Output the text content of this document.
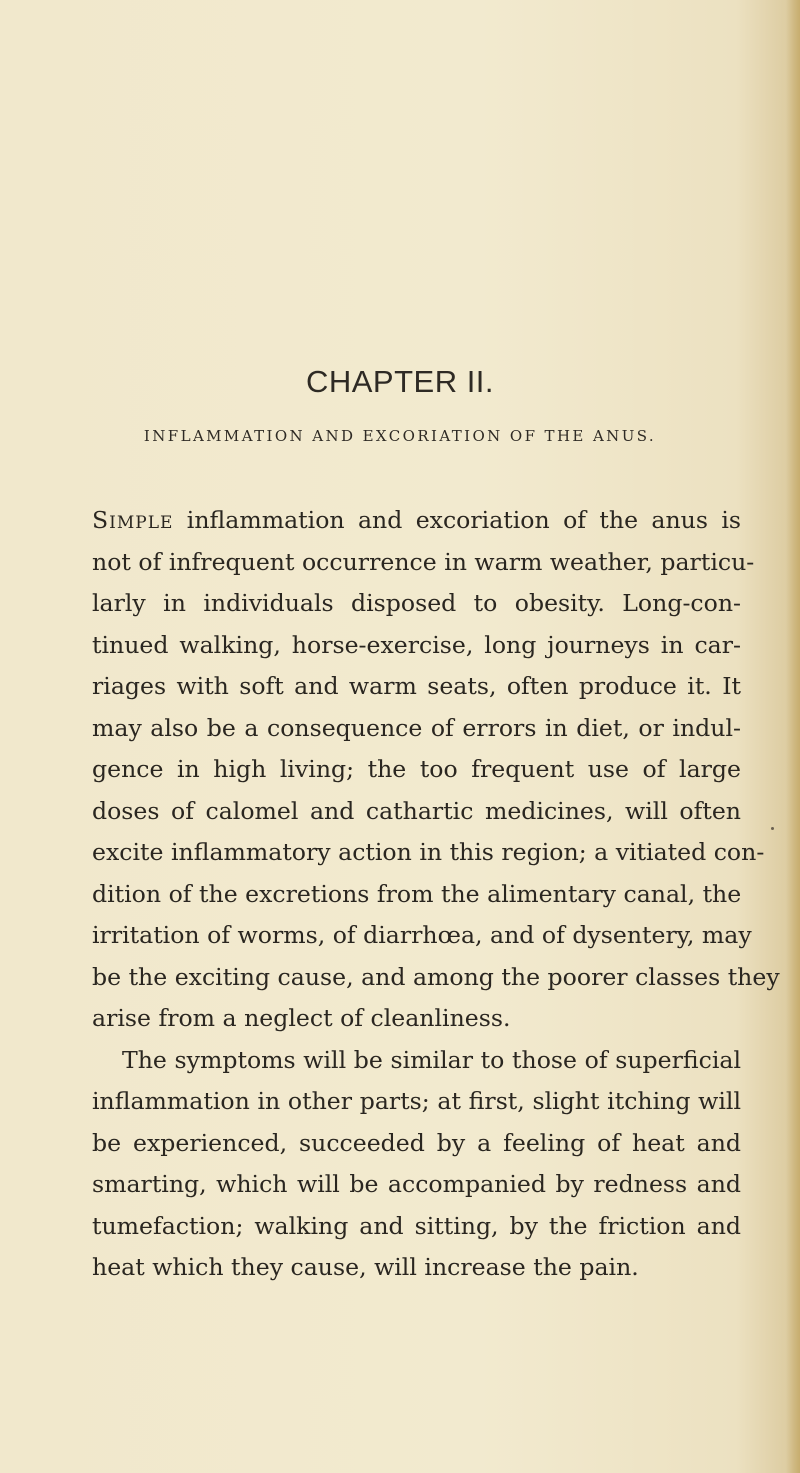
CHAPTER II.
INFLAMMATION AND EXCORIATION OF THE ANUS.

Simple inflammation and excoriation of the anus is
not of infrequent occurrence in warm weather, particu-
larly in individuals disposed to obesity. Long-con-
tinued walking, horse-exercise, long journeys in car-
riages with soft and warm seats, often produce it. It
may also be a consequence of errors in diet, or indul-
gence in high living; the too frequent use of large
doses of calomel and cathartic medicines, will often
excite inflammatory action in this region; a vitiated con-
dition of the excretions from the alimentary canal, the
irritation of worms, of diarrhœa, and of dysentery, may
be the exciting cause, and among the poorer classes they
arise from a neglect of cleanliness.

The symptoms will be similar to those of superficial
inflammation in other parts; at first, slight itching will
be experienced, succeeded by a feeling of heat and
smarting, which will be accompanied by redness and
tumefaction; walking and sitting, by the friction and
heat which they cause, will increase the pain.
